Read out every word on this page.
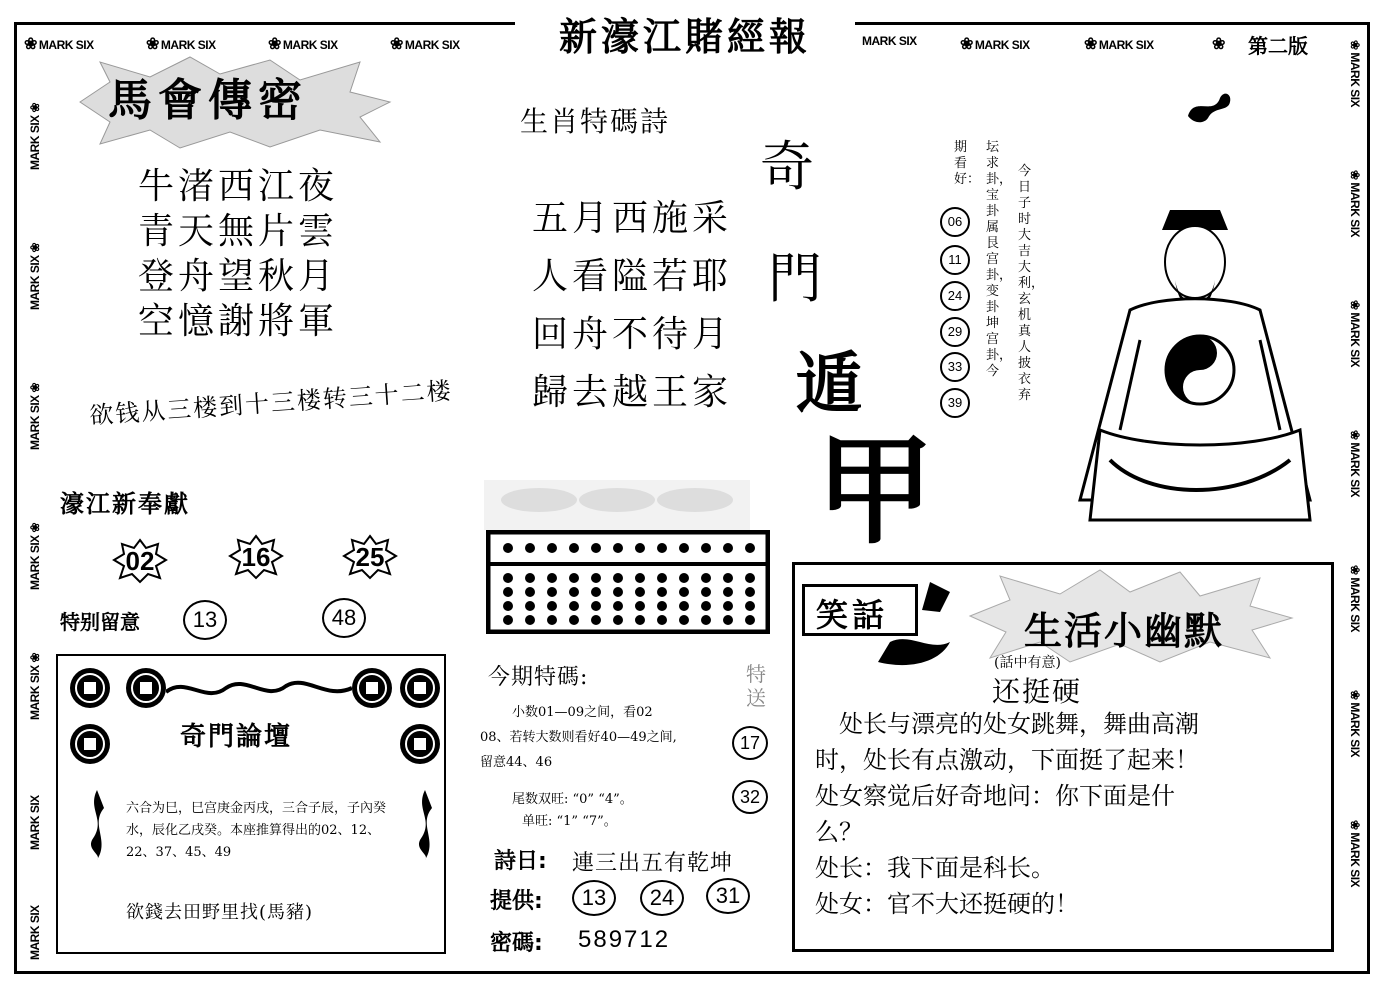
❀ MARK SIX	❀ MARK SIX	❀ MARK SIX	❀ MARK SIX	MARK SIX	❀ MARK SIX	❀ MARK SIX	❀
新濠江賭經報	第二版
MARK SIX ❀
MARK SIX ❀
MARK SIX ❀
MARK SIX ❀
MARK SIX ❀
MARK SIX
MARK SIX
❀ MARK SIX
❀ MARK SIX
❀ MARK SIX
❀ MARK SIX
❀ MARK SIX
❀ MARK SIX
❀ MARK SIX
馬會傳密
牛渚西江夜
青天無片雲
登舟望秋月
空憶謝將軍
欲钱从三楼到十三楼转三十二楼
濠江新奉獻
02	16	25
特别留意	13	48
奇門論壇
六合为巳，巳宫庚金丙戌，三合子辰，子內癸水，辰化乙戌癸。本座推算得出的02、12、22、37、45、49
欲錢去田野里找(馬豬)
生肖特碼詩
五月西施采
人看隘若耶
回舟不待月
歸去越王家
奇
門
遁
甲
今期特碼:	特送
小数01—09之间，看02
08、若转大数则看好40—49之间,
留意44、46
尾数双旺: “0” “4”。
单旺: “1” “7”。
17
32
詩日: 連三出五有乾坤
提供:	13	24	31
密碼: 589712
今日子时大吉大利，玄机真人披衣弃
坛求卦，宝卦属艮宫卦，变卦坤宫卦，今
期看好：
06
11
24
29
33
39
笑話	生活小幽默
(話中有意)
还挺硬
　处长与漂亮的处女跳舞，舞曲高潮
时，处长有点激动，下面挺了起来！
处女察觉后好奇地问：你下面是什
么？
处长：我下面是科长。
处女：官不大还挺硬的！
